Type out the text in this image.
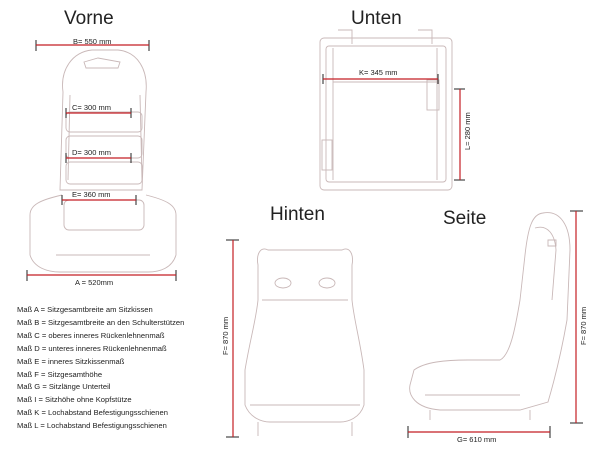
Vorne	Unten
Hinten	Seite
B= 550 mm
C= 300 mm
D= 300 mm
E= 360 mm
A = 520mm
K= 345 mm
L= 280 mm
F= 870 mm	F= 870 mm
G= 610 mm
Maß A = Sitzgesamtbreite am Sitzkissen
Maß B = Sitzgesamtbreite an den Schulterstützen
Maß C = oberes inneres Rückenlehnenmaß
Maß D = unteres inneres Rückenlehnenmaß
Maß E = inneres Sitzkissenmaß
Maß F = Sitzgesamthöhe
Maß G = Sitzlänge Unterteil
Maß I = Sitzhöhe ohne Kopfstütze
Maß K = Lochabstand Befestigungsschienen
Maß L = Lochabstand Befestigungsschienen
